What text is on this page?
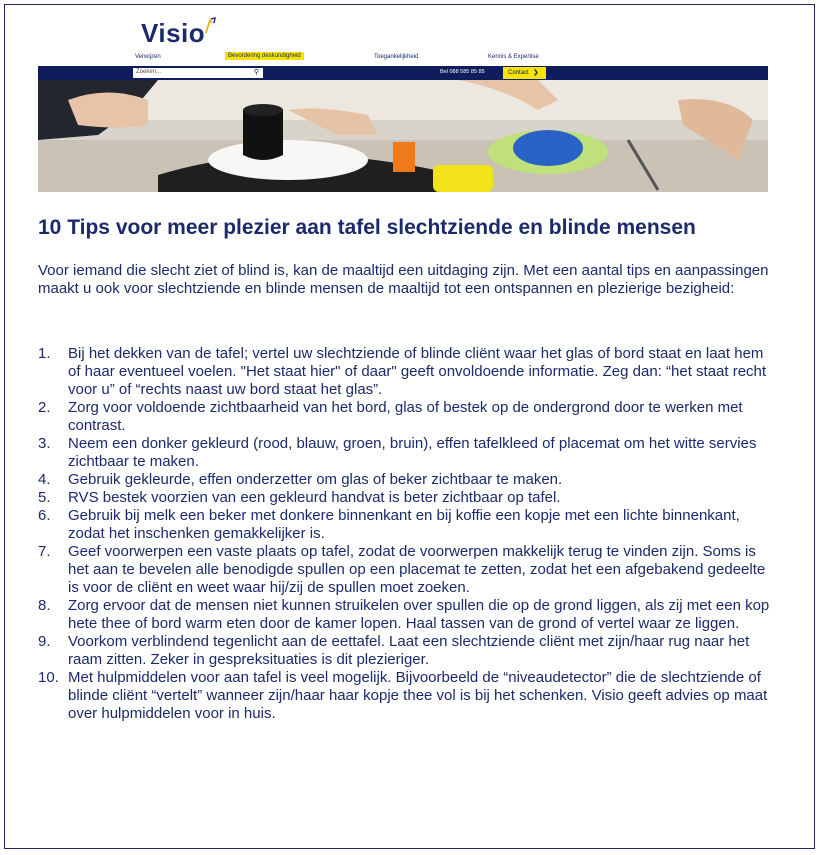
Visio
Verwijzen	Bevordering deskundigheid	Toegankelijkheid	Kennis & Expertise
Zoeken...	⚲	Bel 088 585 85 85	Contact ❯
10 Tips voor meer plezier aan tafel slechtziende en blinde mensen

Voor iemand die slecht ziet of blind is, kan de maaltijd een uitdaging zijn. Met een aantal tips en aanpassingen maakt u ook voor slechtziende en blinde mensen de maaltijd tot een ontspannen en plezierige bezigheid:

1. Bij het dekken van de tafel; vertel uw slechtziende of blinde cliënt waar het glas of bord staat en laat hem of haar eventueel voelen. "Het staat hier" of daar" geeft onvoldoende informatie. Zeg dan: “het staat recht voor u” of “rechts naast uw bord staat het glas”.
2. Zorg voor voldoende zichtbaarheid van het bord, glas of bestek op de ondergrond door te werken met contrast.
3. Neem een donker gekleurd (rood, blauw, groen, bruin), effen tafelkleed of placemat om het witte servies zichtbaar te maken.
4. Gebruik gekleurde, effen onderzetter om glas of beker zichtbaar te maken.
5. RVS bestek voorzien van een gekleurd handvat is beter zichtbaar op tafel.
6. Gebruik bij melk een beker met donkere binnenkant en bij koffie een kopje met een lichte binnenkant, zodat het inschenken gemakkelijker is.
7. Geef voorwerpen een vaste plaats op tafel, zodat de voorwerpen makkelijk terug te vinden zijn. Soms is het aan te bevelen alle benodigde spullen op een placemat te zetten, zodat het een afgebakend gedeelte is voor de cliënt en weet waar hij/zij de spullen moet zoeken.
8. Zorg ervoor dat de mensen niet kunnen struikelen over spullen die op de grond liggen, als zij met een kop hete thee of bord warm eten door de kamer lopen. Haal tassen van de grond of vertel waar ze liggen.
9. Voorkom verblindend tegenlicht aan de eettafel. Laat een slechtziende cliënt met zijn/haar rug naar het raam zitten. Zeker in gespreksituaties is dit plezieriger.
10. Met hulpmiddelen voor aan tafel is veel mogelijk. Bijvoorbeeld de “niveaudetector” die de slechtziende of blinde cliënt “vertelt” wanneer zijn/haar haar kopje thee vol is bij het schenken. Visio geeft advies op maat over hulpmiddelen voor in huis.
